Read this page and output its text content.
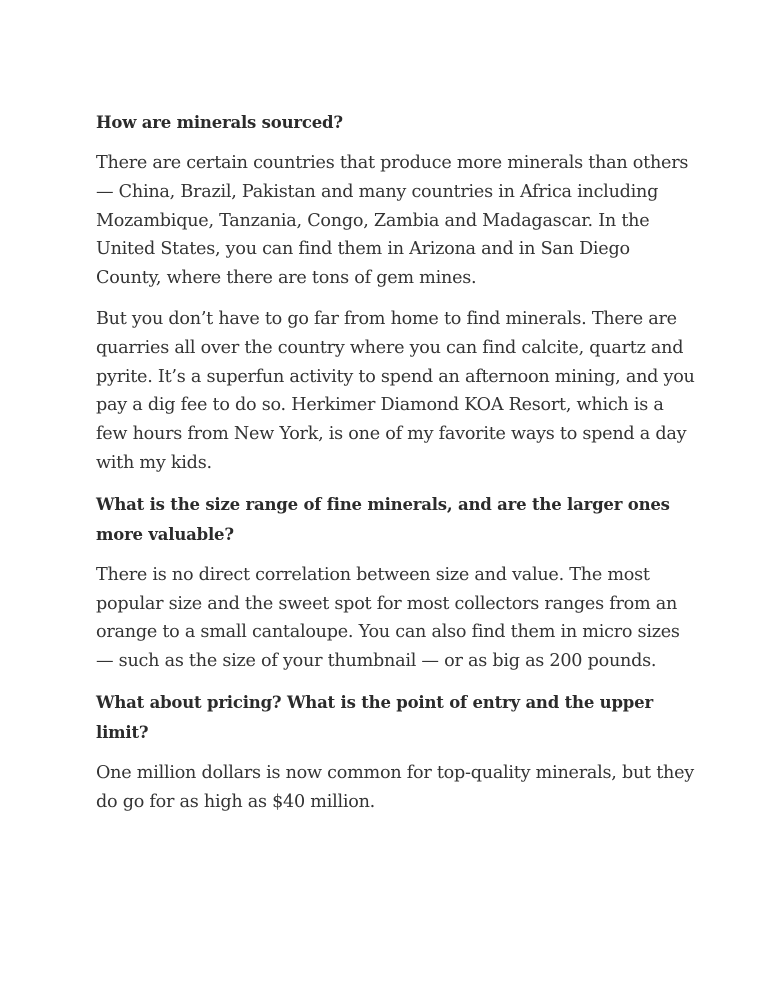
How are minerals sourced?

There are certain countries that produce more minerals than others — China, Brazil, Pakistan and many countries in Africa including Mozambique, Tanzania, Congo, Zambia and Madagascar. In the United States, you can find them in Arizona and in San Diego County, where there are tons of gem mines.

But you don’t have to go far from home to find minerals. There are quarries all over the country where you can find calcite, quartz and pyrite. It’s a superfun activity to spend an afternoon mining, and you pay a dig fee to do so. Herkimer Diamond KOA Resort, which is a few hours from New York, is one of my favorite ways to spend a day with my kids.

What is the size range of fine minerals, and are the larger ones more valuable?

There is no direct correlation between size and value. The most popular size and the sweet spot for most collectors ranges from an orange to a small cantaloupe. You can also find them in micro sizes — such as the size of your thumbnail — or as big as 200 pounds.

What about pricing? What is the point of entry and the upper limit?

One million dollars is now common for top-quality minerals, but they do go for as high as $40 million.
